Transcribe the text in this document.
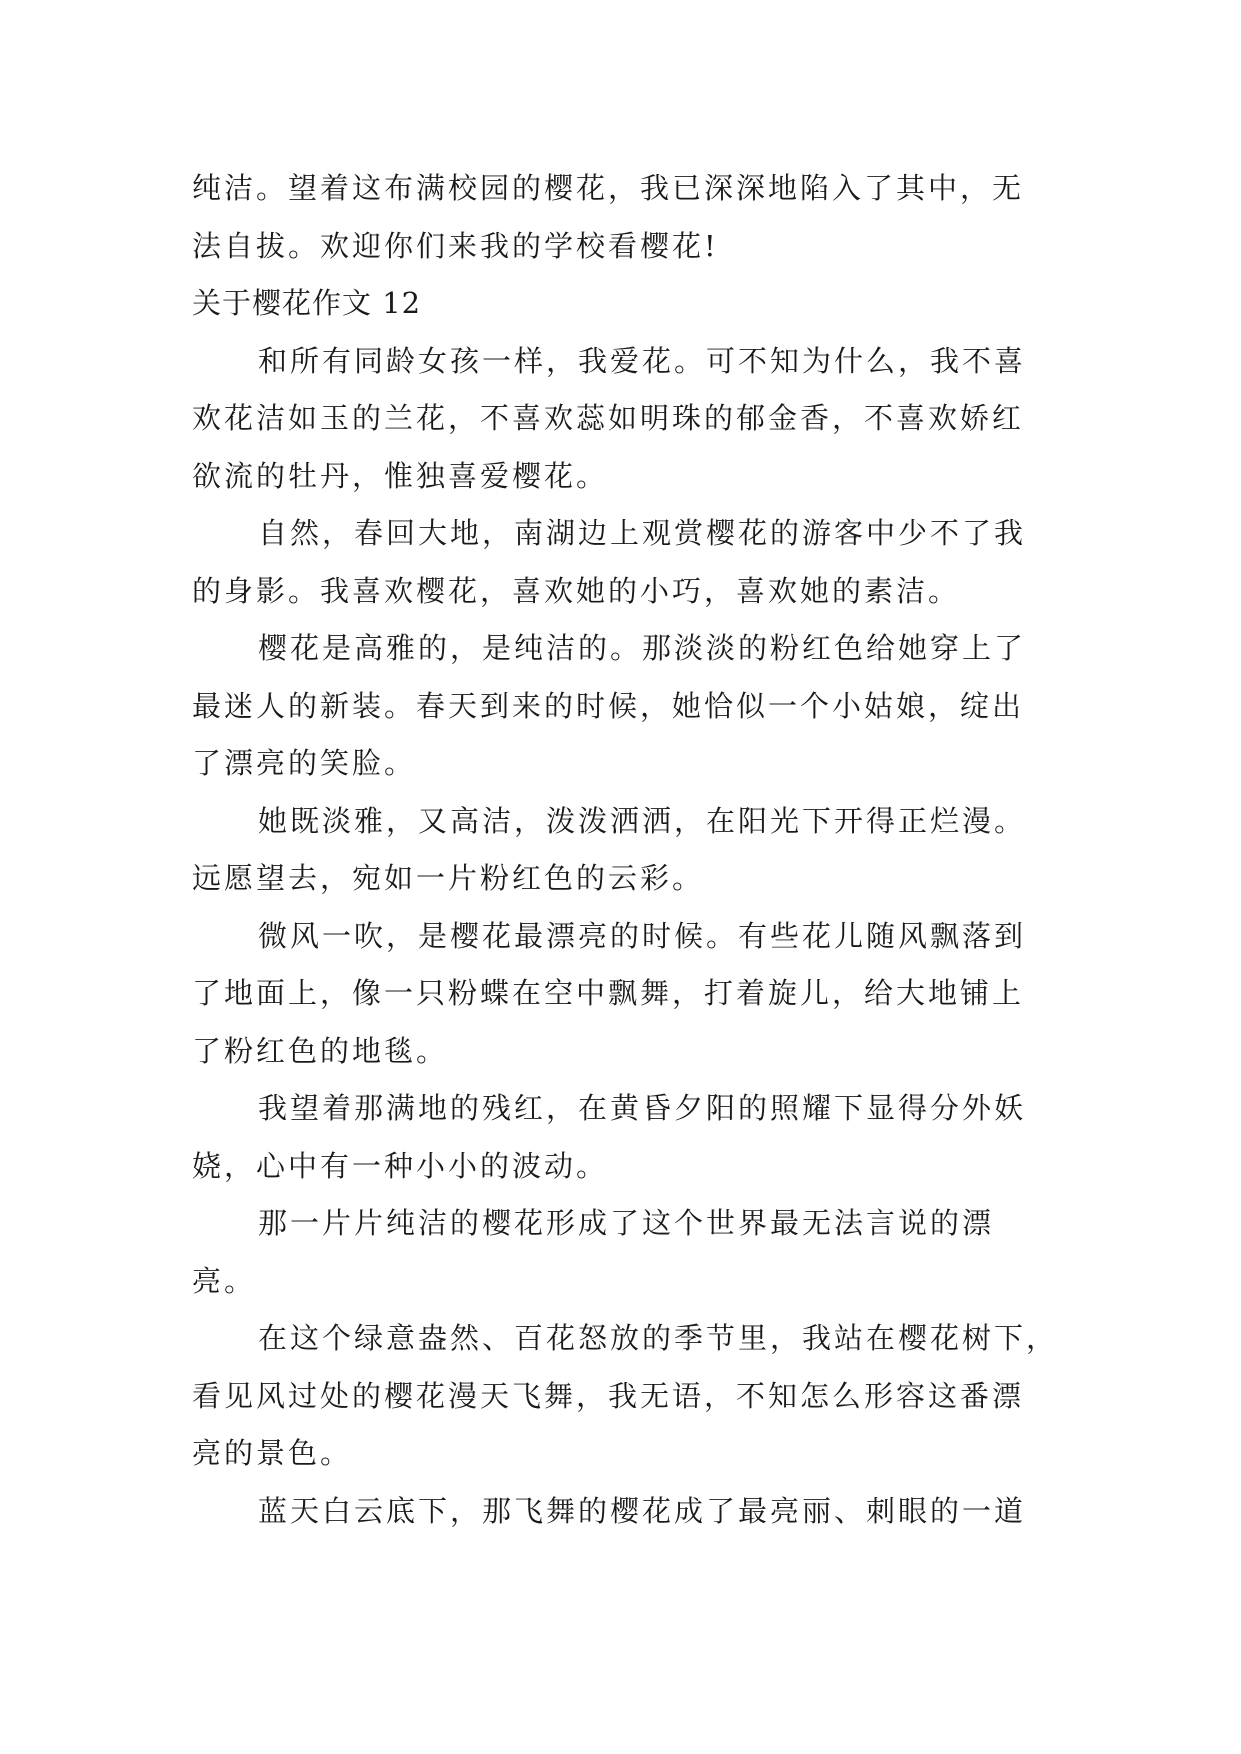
纯洁。望着这布满校园的樱花，我已深深地陷入了其中，无
法自拔。欢迎你们来我的学校看樱花!
关于樱花作文 12
和所有同龄女孩一样，我爱花。可不知为什么，我不喜
欢花洁如玉的兰花，不喜欢蕊如明珠的郁金香，不喜欢娇红
欲流的牡丹，惟独喜爱樱花。
自然，春回大地，南湖边上观赏樱花的游客中少不了我
的身影。我喜欢樱花，喜欢她的小巧，喜欢她的素洁。
樱花是高雅的，是纯洁的。那淡淡的粉红色给她穿上了
最迷人的新装。春天到来的时候，她恰似一个小姑娘，绽出
了漂亮的笑脸。
她既淡雅，又高洁，泼泼洒洒，在阳光下开得正烂漫。
远愿望去，宛如一片粉红色的云彩。
微风一吹，是樱花最漂亮的时候。有些花儿随风飘落到
了地面上，像一只粉蝶在空中飘舞，打着旋儿，给大地铺上
了粉红色的地毯。
我望着那满地的残红，在黄昏夕阳的照耀下显得分外妖
娆，心中有一种小小的波动。
那一片片纯洁的樱花形成了这个世界最无法言说的漂
亮。
在这个绿意盎然、百花怒放的季节里，我站在樱花树下，
看见风过处的樱花漫天飞舞，我无语，不知怎么形容这番漂
亮的景色。
蓝天白云底下，那飞舞的樱花成了最亮丽、刺眼的一道
